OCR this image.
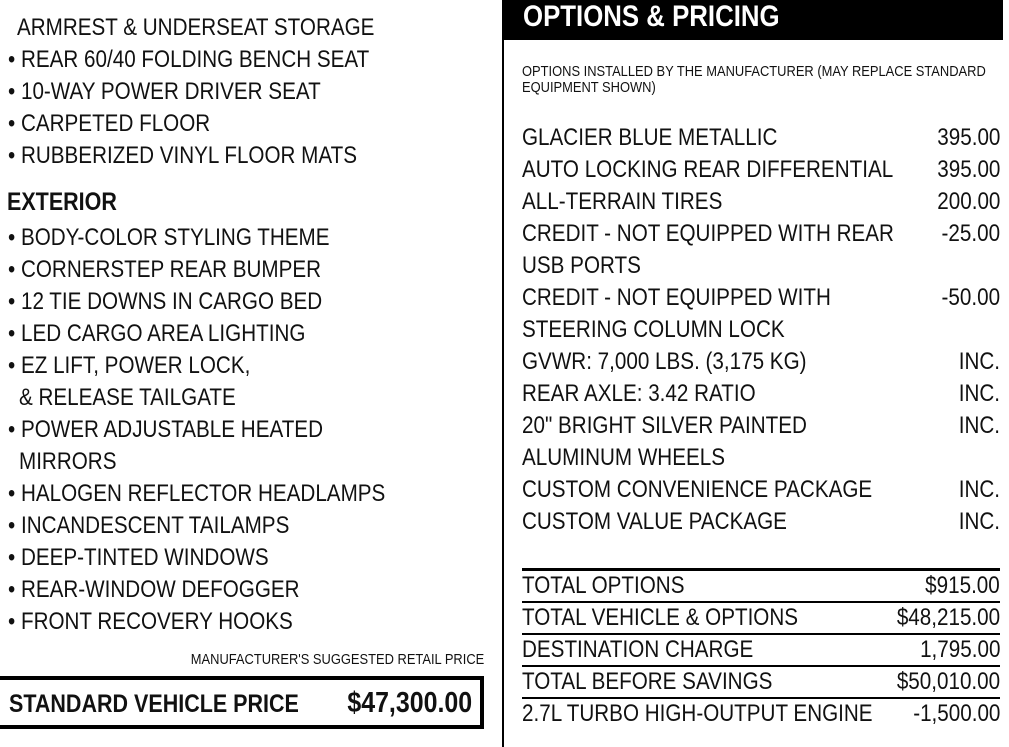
ARMREST & UNDERSEAT STORAGE
• REAR 60/40 FOLDING BENCH SEAT
• 10-WAY POWER DRIVER SEAT
• CARPETED FLOOR
• RUBBERIZED VINYL FLOOR MATS
EXTERIOR
• BODY-COLOR STYLING THEME
• CORNERSTEP REAR BUMPER
• 12 TIE DOWNS IN CARGO BED
• LED CARGO AREA LIGHTING
• EZ LIFT, POWER LOCK,
& RELEASE TAILGATE
• POWER ADJUSTABLE HEATED
MIRRORS
• HALOGEN REFLECTOR HEADLAMPS
• INCANDESCENT TAILAMPS
• DEEP-TINTED WINDOWS
• REAR-WINDOW DEFOGGER
• FRONT RECOVERY HOOKS
MANUFACTURER'S SUGGESTED RETAIL PRICE
STANDARD VEHICLE PRICE	$47,300.00
OPTIONS & PRICING
OPTIONS INSTALLED BY THE MANUFACTURER (MAY REPLACE STANDARD EQUIPMENT SHOWN)
GLACIER BLUE METALLIC	395.00
AUTO LOCKING REAR DIFFERENTIAL	395.00
ALL-TERRAIN TIRES	200.00
CREDIT - NOT EQUIPPED WITH REAR	-25.00
USB PORTS
CREDIT - NOT EQUIPPED WITH	-50.00
STEERING COLUMN LOCK
GVWR: 7,000 LBS. (3,175 KG)	INC.
REAR AXLE: 3.42 RATIO	INC.
20" BRIGHT SILVER PAINTED	INC.
ALUMINUM WHEELS
CUSTOM CONVENIENCE PACKAGE	INC.
CUSTOM VALUE PACKAGE	INC.
TOTAL OPTIONS	$915.00
TOTAL VEHICLE & OPTIONS	$48,215.00
DESTINATION CHARGE	1,795.00
TOTAL BEFORE SAVINGS	$50,010.00
2.7L TURBO HIGH-OUTPUT ENGINE	-1,500.00
